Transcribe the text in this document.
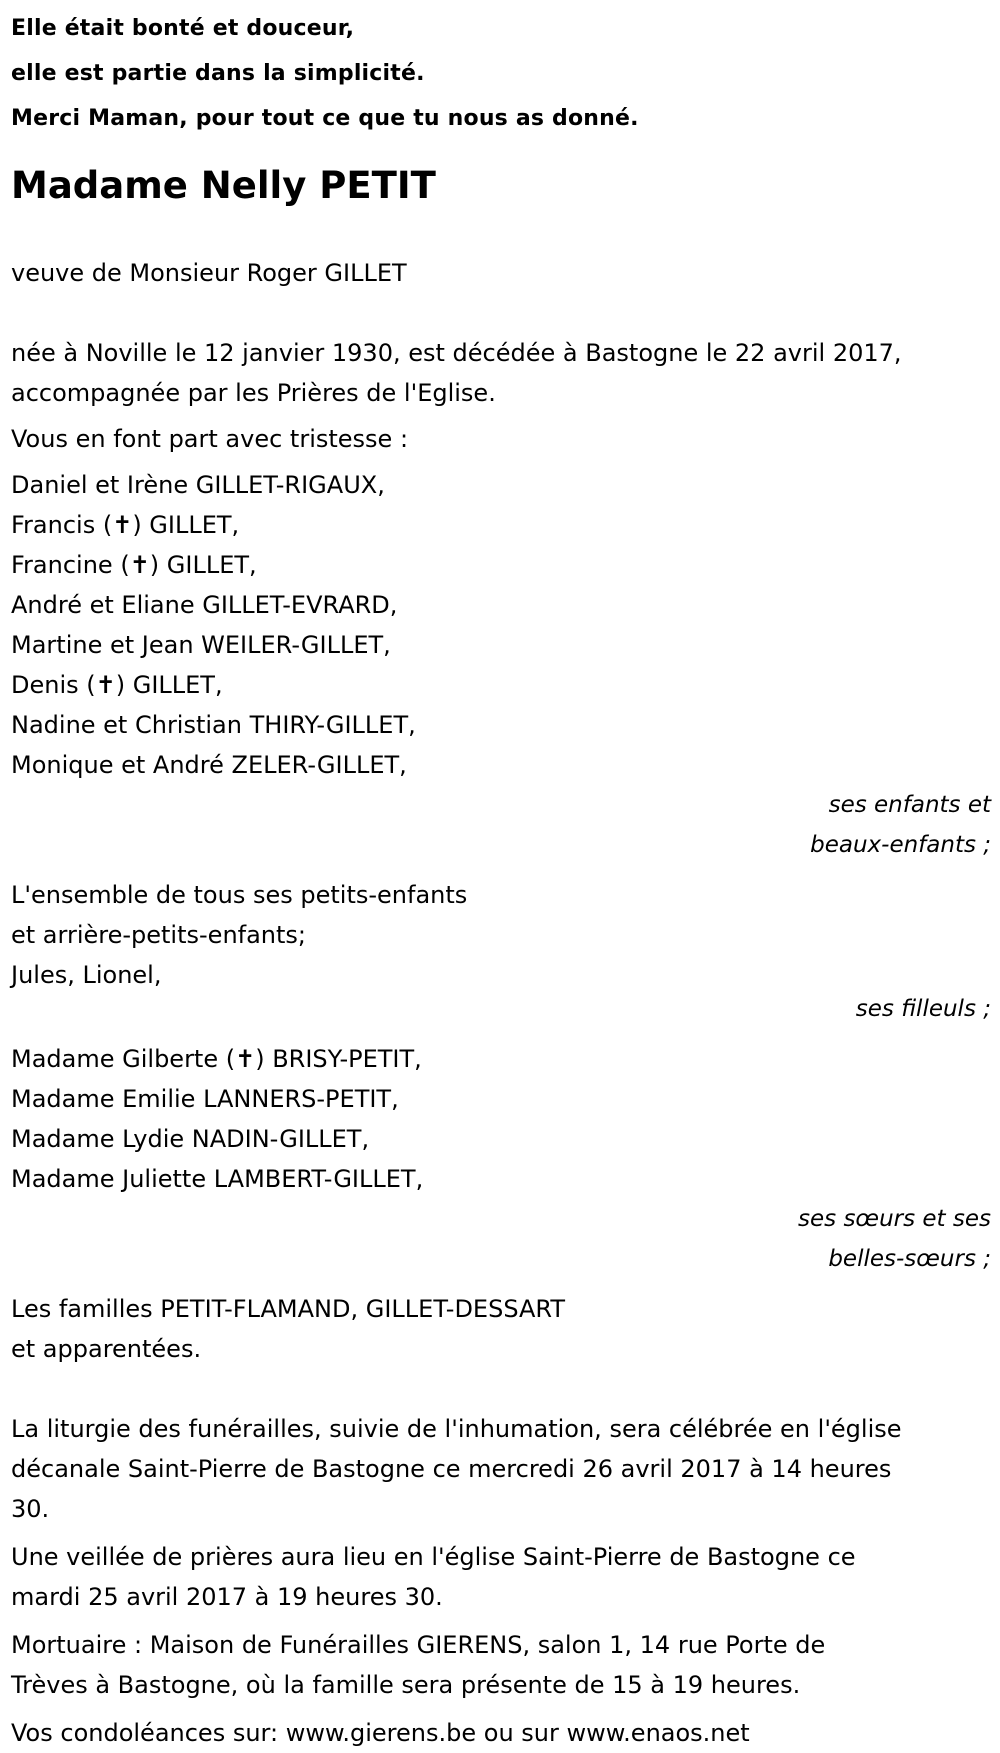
Elle était bonté et douceur,

elle est partie dans la simplicité.

Merci Maman, pour tout ce que tu nous as donné.

Madame Nelly PETIT

veuve de Monsieur Roger GILLET

née à Noville le 12 janvier 1930, est décédée à Bastogne le 22 avril 2017,

accompagnée par les Prières de l'Eglise.

Vous en font part avec tristesse :

Daniel et Irène GILLET-RIGAUX,

Francis (✝) GILLET,

Francine (✝) GILLET,

André et Eliane GILLET-EVRARD,

Martine et Jean WEILER-GILLET,

Denis (✝) GILLET,

Nadine et Christian THIRY-GILLET,

Monique et André ZELER-GILLET,

ses enfants et

beaux-enfants ;

L'ensemble de tous ses petits-enfants

et arrière-petits-enfants;

Jules, Lionel,

ses filleuls ;

Madame Gilberte (✝) BRISY-PETIT,

Madame Emilie LANNERS-PETIT,

Madame Lydie NADIN-GILLET,

Madame Juliette LAMBERT-GILLET,

ses sœurs et ses

belles-sœurs ;

Les familles PETIT-FLAMAND, GILLET-DESSART

et apparentées.

La liturgie des funérailles, suivie de l'inhumation, sera célébrée en l'église

décanale Saint-Pierre de Bastogne ce mercredi 26 avril 2017 à 14 heures

30.

Une veillée de prières aura lieu en l'église Saint-Pierre de Bastogne ce

mardi 25 avril 2017 à 19 heures 30.

Mortuaire : Maison de Funérailles GIERENS, salon 1, 14 rue Porte de

Trèves à Bastogne, où la famille sera présente de 15 à 19 heures.

Vos condoléances sur: www.gierens.be ou sur www.enaos.net
